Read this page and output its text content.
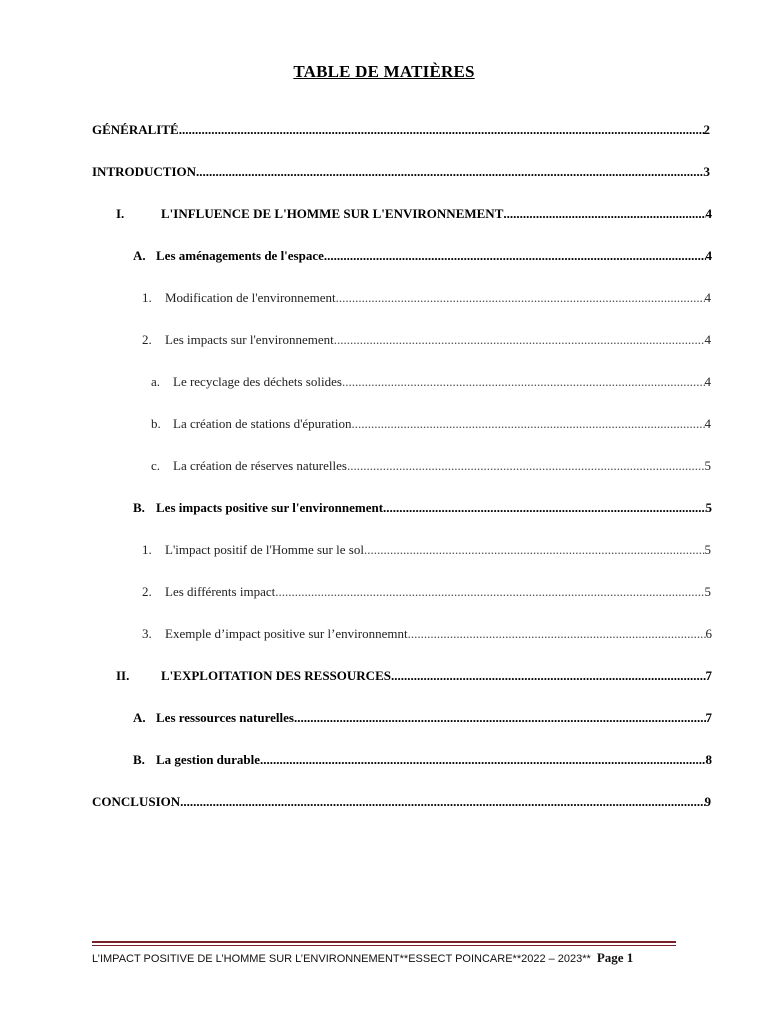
TABLE DE MATIÈRES
GÉNÉRALITÉ .....	2
INTRODUCTION .....	3
I.	L'INFLUENCE DE L'HOMME SUR L'ENVIRONNEMENT .....	4
A. Les aménagements de l'espace .....	4
1.	Modification de l'environnement .....	4
2.	Les impacts sur l'environnement .....	4
a. Le recyclage des déchets solides .....	4
b. La création de stations d'épuration .....	4
c. La création de réserves naturelles .....	5
B. Les impacts positive sur l'environnement .....	5
1.	L'impact positif de l'Homme sur le sol .....	5
2.	Les différents impact .....	5
3.	Exemple d’impact positive sur l’environnemnt .....	6
II.	L'EXPLOITATION DES RESSOURCES .....	7
A. Les ressources naturelles .....	7
B. La gestion durable .....	8
CONCLUSION .....	9
L’IMPACT POSITIVE DE L’HOMME SUR L’ENVIRONNEMENT**ESSECT POINCARE**2022 – 2023** Page 1
